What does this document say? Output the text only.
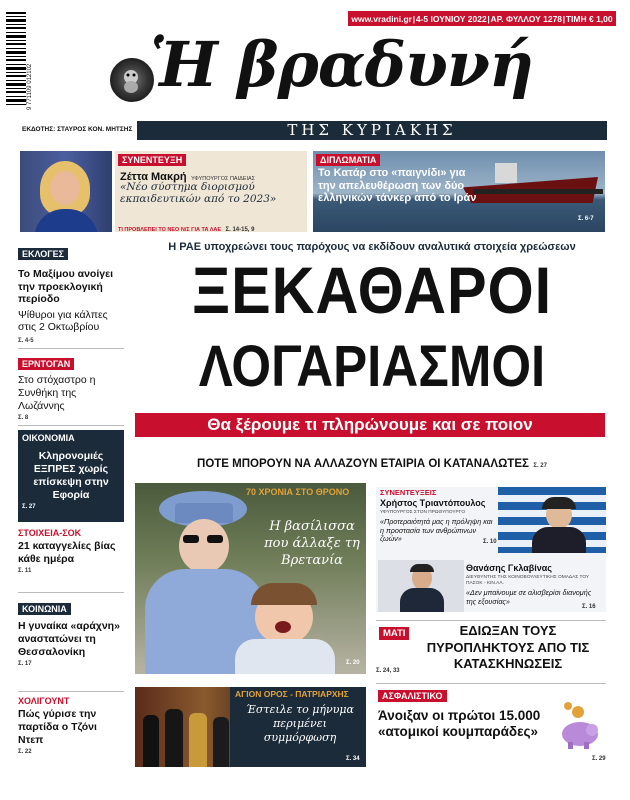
www.vradini.gr | 4-5 ΙΟΥΝΙΟΥ 2022 | ΑΡ. ΦΥΛΛΟΥ 1278 | ΤΙΜΗ € 1,00
9 771109 012102 Ἡ βραδυνή
ΕΚΔΟΤΗΣ: ΣΤΑΥΡΟΣ ΚΟΝ. ΜΗΤΣΗΣ	ΤΗΣ ΚΥΡΙΑΚΗΣ
ΣΥΝΕΝΤΕΥΞΗ
Ζέττα Μακρή ΥΦΥΠΟΥΡΓΟΣ ΠΑΙΔΕΙΑΣ
«Νέο σύστημα διορισμού εκπαιδευτικών από το 2023»
ΤΙ ΠΡΟΒΛΕΠΕΙ ΤΟ ΝΕΟ Ν/Σ ΓΙΑ ΤΑ ΛΑΕ Σ. 14-15, 9
ΔΙΠΛΩΜΑΤΙΑ
Το Κατάρ στο «παιγνίδι» για την απελευθέρωση των δύο ελληνικών τάνκερ από το Ιράν
Σ. 6-7
ΕΚΛΟΓΕΣ
Το Μαξίμου ανοίγει την προεκλογική περίοδο
Ψίθυροι για κάλπες στις 2 Οκτωβρίου
Σ. 4-5
ΕΡΝΤΟΓΑΝ
Στο στόχαστρο η Συνθήκη της Λωζάννης
Σ. 8
ΟΙΚΟΝΟΜΙΑ
Κληρονομιές ΕΞΠΡΕΣ χωρίς επίσκεψη στην Εφορία
Σ. 27
ΣΤΟΙΧΕΙΑ-ΣΟΚ
21 καταγγελίες βίας κάθε ημέρα
Σ. 11
ΚΟΙΝΩΝΙΑ
Η γυναίκα «αράχνη» αναστατώνει τη Θεσσαλονίκη
Σ. 17
ΧΟΛΙΓΟΥΝΤ
Πώς γύρισε την παρτίδα ο Τζόνι Ντεπ
Σ. 22
Η ΡΑΕ υποχρεώνει τους παρόχους να εκδίδουν αναλυτικά στοιχεία χρεώσεων
ΞΕΚΑΘΑΡΟΙ
ΛΟΓΑΡΙΑΣΜΟΙ
Θα ξέρουμε τι πληρώνουμε και σε ποιον
ΠΟΤΕ ΜΠΟΡΟΥΝ ΝΑ ΑΛΛΑΖΟΥΝ ΕΤΑΙΡΙΑ ΟΙ ΚΑΤΑΝΑΛΩΤΕΣ Σ. 27
70 ΧΡΟΝΙΑ ΣΤΟ ΘΡΟΝΟ
Η βασίλισσα που άλλαξε τη Βρετανία
Σ. 20
ΑΓΙΟΝ ΟΡΟΣ - ΠΑΤΡΙΑΡΧΗΣ
Έστειλε το μήνυμα περιμένει συμμόρφωση
Σ. 34
ΣΥΝΕΝΤΕΥΞΕΙΣ
Χρήστος Τριαντόπουλος
ΥΦΥΠΟΥΡΓΟΣ ΣΤΟΝ ΠΡΩΘΥΠΟΥΡΓΟ
«Προτεραιότητά μας η πρόληψη και η προστασία των ανθρώπινων ζωών»	Σ. 10
Θανάσης Γκλαβίνας
ΔΙΕΥΘΥΝΤΗΣ ΤΗΣ ΚΟΙΝΟΒΟΥΛΕΥΤΙΚΗΣ ΟΜΑΔΑΣ ΤΟΥ ΠΑΣΟΚ - ΚΙΝ.ΑΛ.
«Δεν μπαίνουμε σε αλισβερίσι διανομής της εξουσίας»
Σ. 16
ΜΑΤΙ	ΕΔΙΩΞΑΝ ΤΟΥΣ ΠΥΡΟΠΛΗΚΤΟΥΣ ΑΠΟ ΤΙΣ ΚΑΤΑΣΚΗΝΩΣΕΙΣ
Σ. 24, 33
ΑΣΦΑΛΙΣΤΙΚΟ
Άνοιξαν οι πρώτοι 15.000 «ατομικοί κουμπαράδες»
Σ. 29
